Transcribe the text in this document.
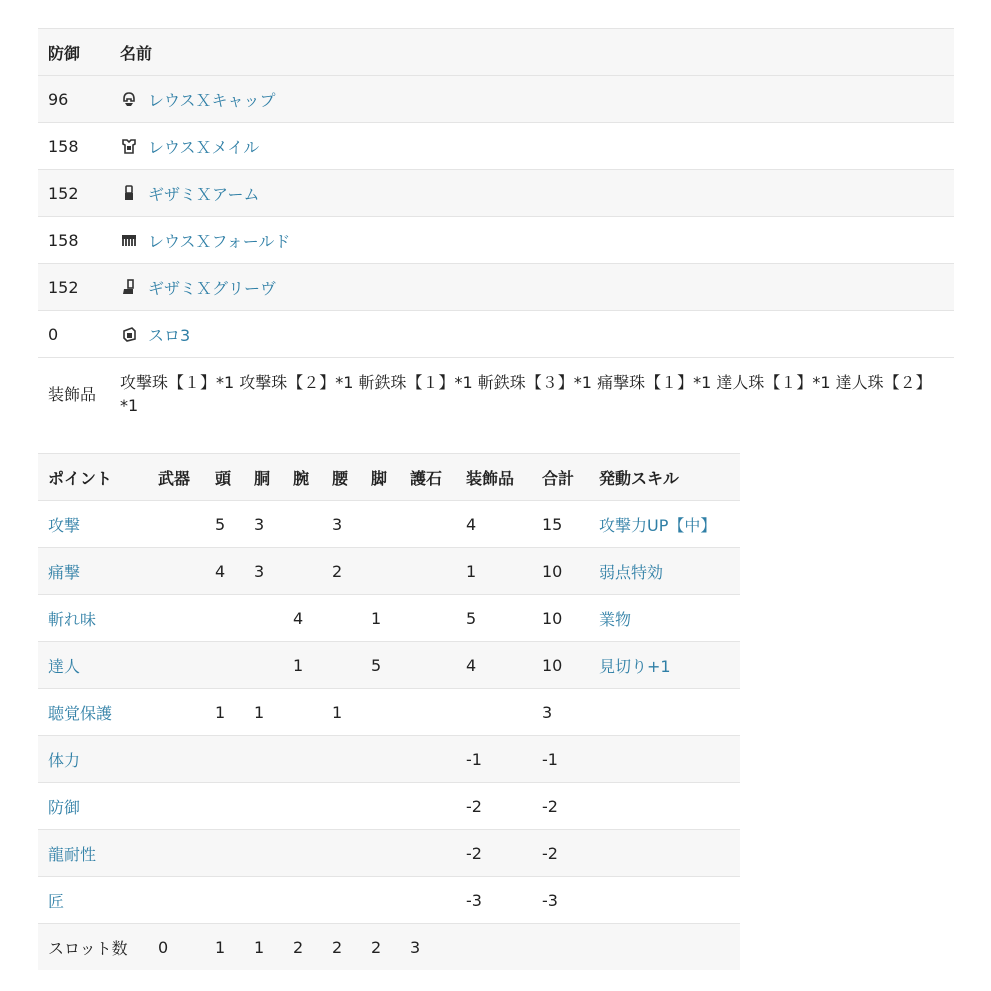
防御	名前
96	レウスＸキャップ

158	レウスＸメイル

152	ギザミＸアーム

158	レウスＸフォールド

152	ギザミＸグリーヴ

0	スロ3

装飾品	攻撃珠【１】*1 攻撃珠【２】*1 斬鉄珠【１】*1 斬鉄珠【３】*1 痛撃珠【１】*1 達人珠【１】*1 達人珠【２】*1
ポイント	武器	頭	胴	腕	腰	脚	護石	装飾品	合計	発動スキル
攻撃		5	3		3			4	15	攻撃力UP【中】
痛撃		4	3		2			1	10	弱点特効
斬れ味				4		1		5	10	業物
達人				1		5		4	10	見切り+1
聴覚保護		1	1		1				3	
体力								-1	-1	
防御								-2	-2	
龍耐性								-2	-2	
匠								-3	-3	
スロット数	0	1	1	2	2	2	3			
